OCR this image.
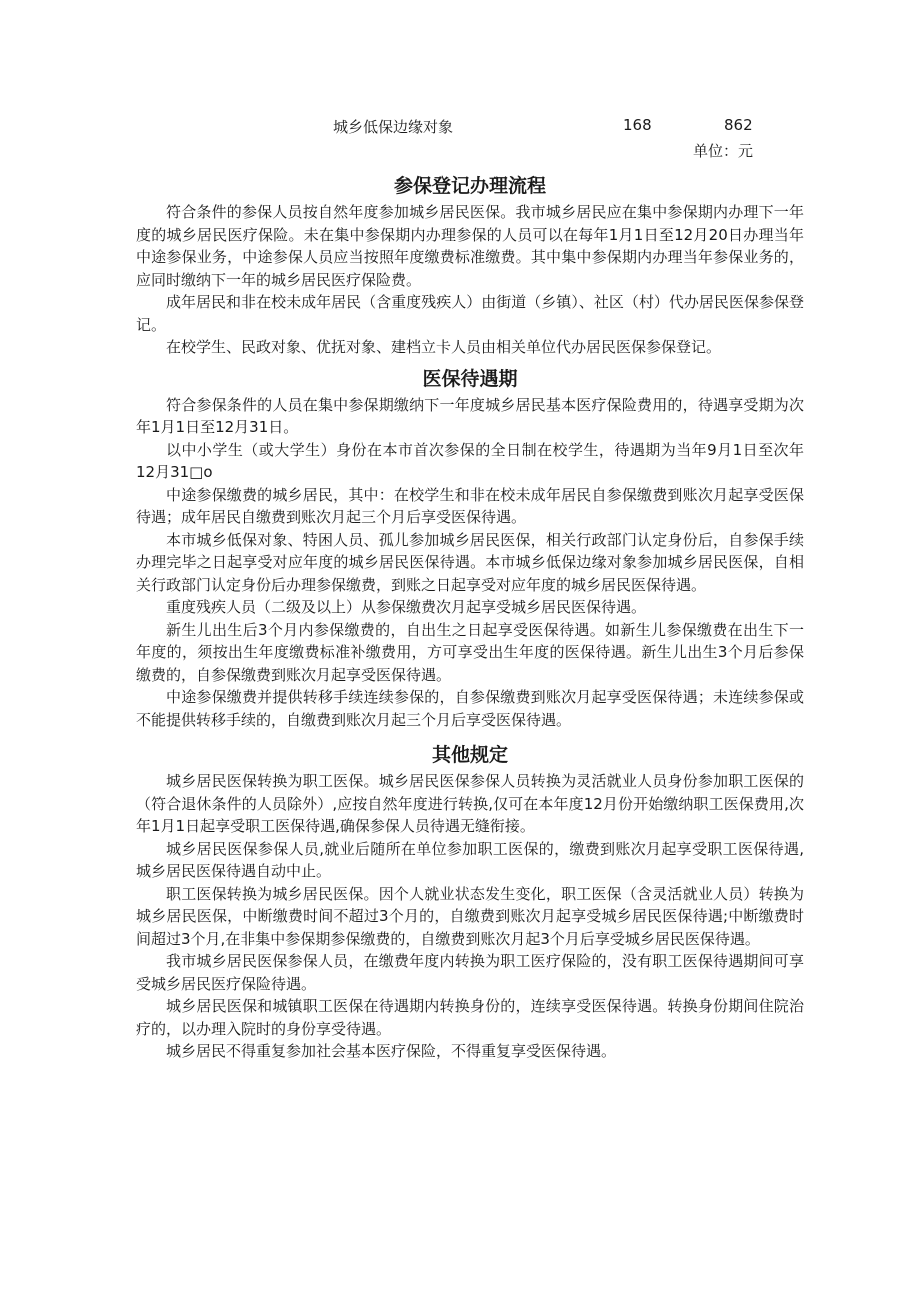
城乡低保边缘对象	168	862
单位：元
参保登记办理流程

符合条件的参保人员按自然年度参加城乡居民医保。我市城乡居民应在集中参保期内办理下一年度的城乡居民医疗保险。未在集中参保期内办理参保的人员可以在每年1月1日至12月20日办理当年中途参保业务，中途参保人员应当按照年度缴费标准缴费。其中集中参保期内办理当年参保业务的，应同时缴纳下一年的城乡居民医疗保险费。

成年居民和非在校未成年居民（含重度残疾人）由街道（乡镇）、社区（村）代办居民医保参保登记。

在校学生、民政对象、优抚对象、建档立卡人员由相关单位代办居民医保参保登记。

医保待遇期

符合参保条件的人员在集中参保期缴纳下一年度城乡居民基本医疗保险费用的，待遇享受期为次年1月1日至12月31日。

以中小学生（或大学生）身份在本市首次参保的全日制在校学生，待遇期为当年9月1日至次年12月31□o

中途参保缴费的城乡居民，其中：在校学生和非在校未成年居民自参保缴费到账次月起享受医保待遇；成年居民自缴费到账次月起三个月后享受医保待遇。

本市城乡低保对象、特困人员、孤儿参加城乡居民医保，相关行政部门认定身份后，自参保手续办理完毕之日起享受对应年度的城乡居民医保待遇。本市城乡低保边缘对象参加城乡居民医保，自相关行政部门认定身份后办理参保缴费，到账之日起享受对应年度的城乡居民医保待遇。

重度残疾人员（二级及以上）从参保缴费次月起享受城乡居民医保待遇。

新生儿出生后3个月内参保缴费的，自出生之日起享受医保待遇。如新生儿参保缴费在出生下一年度的，须按出生年度缴费标准补缴费用，方可享受出生年度的医保待遇。新生儿出生3个月后参保缴费的，自参保缴费到账次月起享受医保待遇。

中途参保缴费并提供转移手续连续参保的，自参保缴费到账次月起享受医保待遇；未连续参保或不能提供转移手续的，自缴费到账次月起三个月后享受医保待遇。

其他规定

城乡居民医保转换为职工医保。城乡居民医保参保人员转换为灵活就业人员身份参加职工医保的（符合退休条件的人员除外）,应按自然年度进行转换,仅可在本年度12月份开始缴纳职工医保费用,次年1月1日起享受职工医保待遇,确保参保人员待遇无缝衔接。

城乡居民医保参保人员,就业后随所在单位参加职工医保的，缴费到账次月起享受职工医保待遇,城乡居民医保待遇自动中止。

职工医保转换为城乡居民医保。因个人就业状态发生变化，职工医保（含灵活就业人员）转换为城乡居民医保，中断缴费时间不超过3个月的，自缴费到账次月起享受城乡居民医保待遇;中断缴费时间超过3个月,在非集中参保期参保缴费的，自缴费到账次月起3个月后享受城乡居民医保待遇。

我市城乡居民医保参保人员，在缴费年度内转换为职工医疗保险的，没有职工医保待遇期间可享受城乡居民医疗保险待遇。

城乡居民医保和城镇职工医保在待遇期内转换身份的，连续享受医保待遇。转换身份期间住院治疗的，以办理入院时的身份享受待遇。

城乡居民不得重复参加社会基本医疗保险，不得重复享受医保待遇。
